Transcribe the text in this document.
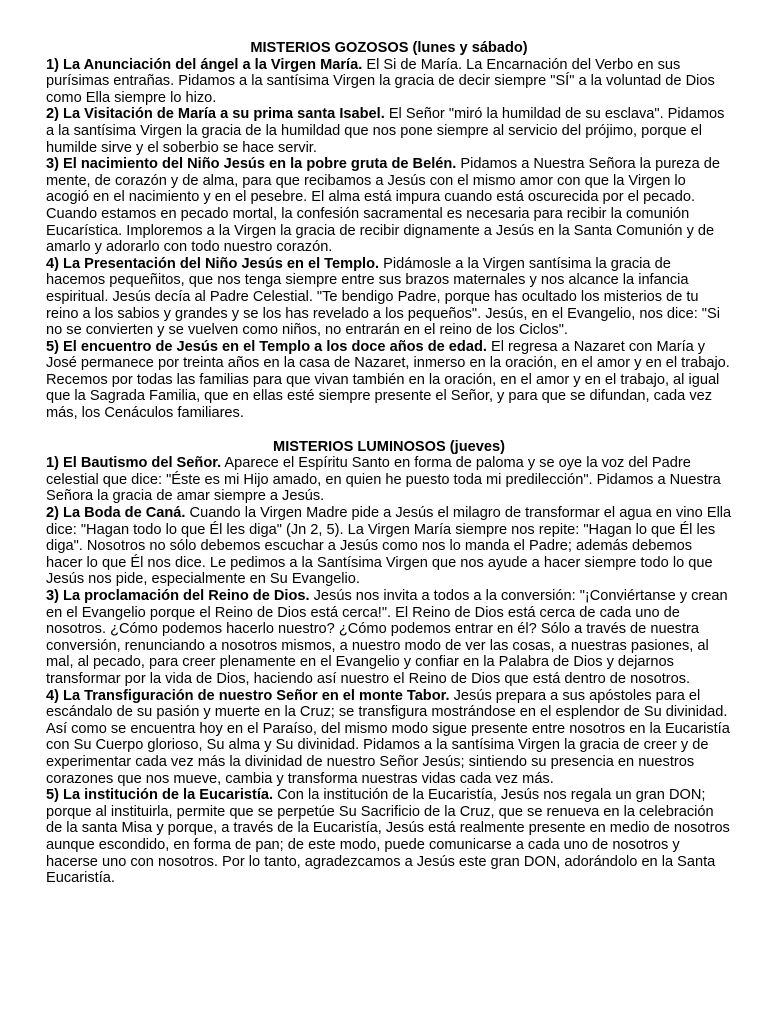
MISTERIOS GOZOSOS (lunes y sábado)

1) La Anunciación del ángel a la Virgen María. El Si de María. La Encarnación del Verbo en sus purísimas entrañas. Pidamos a la santísima Virgen la gracia de decir siempre "SÍ" a la voluntad de Dios como Ella siempre lo hizo.

2) La Visitación de María a su prima santa Isabel. El Señor "miró la humildad de su esclava". Pidamos a la santísima Virgen la gracia de la humildad que nos pone siempre al servicio del prójimo, porque el humilde sirve y el soberbio se hace servir.

3) El nacimiento del Niño Jesús en la pobre gruta de Belén. Pidamos a Nuestra Señora la pureza de mente, de corazón y de alma, para que recibamos a Jesús con el mismo amor con que la Virgen lo acogió en el nacimiento y en el pesebre. El alma está impura cuando está oscurecida por el pecado. Cuando estamos en pecado mortal, la confesión sacramental es necesaria para recibir la comunión Eucarística. Imploremos a la Virgen la gracia de recibir dignamente a Jesús en la Santa Comunión y de amarlo y adorarlo con todo nuestro corazón.

4) La Presentación del Niño Jesús en el Templo. Pidámosle a la Virgen santísima la gracia de hacemos pequeñitos, que nos tenga siempre entre sus brazos maternales y nos alcance la infancia espiritual. Jesús decía al Padre Celestial. "Te bendigo Padre, porque has ocultado los misterios de tu reino a los sabios y grandes y se los has revelado a los pequeños". Jesús, en el Evangelio, nos dice: "Si no se convierten y se vuelven como niños, no entrarán en el reino de los Ciclos".

5) El encuentro de Jesús en el Templo a los doce años de edad. El regresa a Nazaret con María y José permanece por treinta años en la casa de Nazaret, inmerso en la oración, en el amor y en el trabajo. Recemos por todas las familias para que vivan también en la oración, en el amor y en el trabajo, al igual que la Sagrada Familia, que en ellas esté siempre presente el Señor, y para que se difundan, cada vez más, los Cenáculos familiares.

MISTERIOS LUMINOSOS (jueves)

1) El Bautismo del Señor. Aparece el Espíritu Santo en forma de paloma y se oye la voz del Padre celestial que dice: "Éste es mi Hijo amado, en quien he puesto toda mi predilección". Pidamos a Nuestra Señora la gracia de amar siempre a Jesús.

2) La Boda de Caná. Cuando la Virgen Madre pide a Jesús el milagro de transformar el agua en vino Ella dice: "Hagan todo lo que Él les diga" (Jn 2, 5). La Virgen María siempre nos repite: "Hagan lo que Él les diga". Nosotros no sólo debemos escuchar a Jesús como nos lo manda el Padre; además debemos hacer lo que Él nos dice. Le pedimos a la Santísima Virgen que nos ayude a hacer siempre todo lo que Jesús nos pide, especialmente en Su Evangelio.

3) La proclamación del Reino de Dios. Jesús nos invita a todos a la conversión: "¡Conviértanse y crean en el Evangelio porque el Reino de Dios está cerca!". El Reino de Dios está cerca de cada uno de nosotros. ¿Cómo podemos hacerlo nuestro? ¿Cómo podemos entrar en él? Sólo a través de nuestra conversión, renunciando a nosotros mismos, a nuestro modo de ver las cosas, a nuestras pasiones, al mal, al pecado, para creer plenamente en el Evangelio y confiar en la Palabra de Dios y dejarnos transformar por la vida de Dios, haciendo así nuestro el Reino de Dios que está dentro de nosotros.

4) La Transfiguración de nuestro Señor en el monte Tabor. Jesús prepara a sus apóstoles para el escándalo de su pasión y muerte en la Cruz; se transfigura mostrándose en el esplendor de Su divinidad. Así como se encuentra hoy en el Paraíso, del mismo modo sigue presente entre nosotros en la Eucaristía con Su Cuerpo glorioso, Su alma y Su divinidad. Pidamos a la santísima Virgen la gracia de creer y de experimentar cada vez más la divinidad de nuestro Señor Jesús; sintiendo su presencia en nuestros corazones que nos mueve, cambia y transforma nuestras vidas cada vez más.

5) La institución de la Eucaristía. Con la institución de la Eucaristía, Jesús nos regala un gran DON; porque al instituirla, permite que se perpetúe Su Sacrificio de la Cruz, que se renueva en la celebración de la santa Misa y porque, a través de la Eucaristía, Jesús está realmente presente en medio de nosotros aunque escondido, en forma de pan; de este modo, puede comunicarse a cada uno de nosotros y hacerse uno con nosotros. Por lo tanto, agradezcamos a Jesús este gran DON, adorándolo en la Santa Eucaristía.
